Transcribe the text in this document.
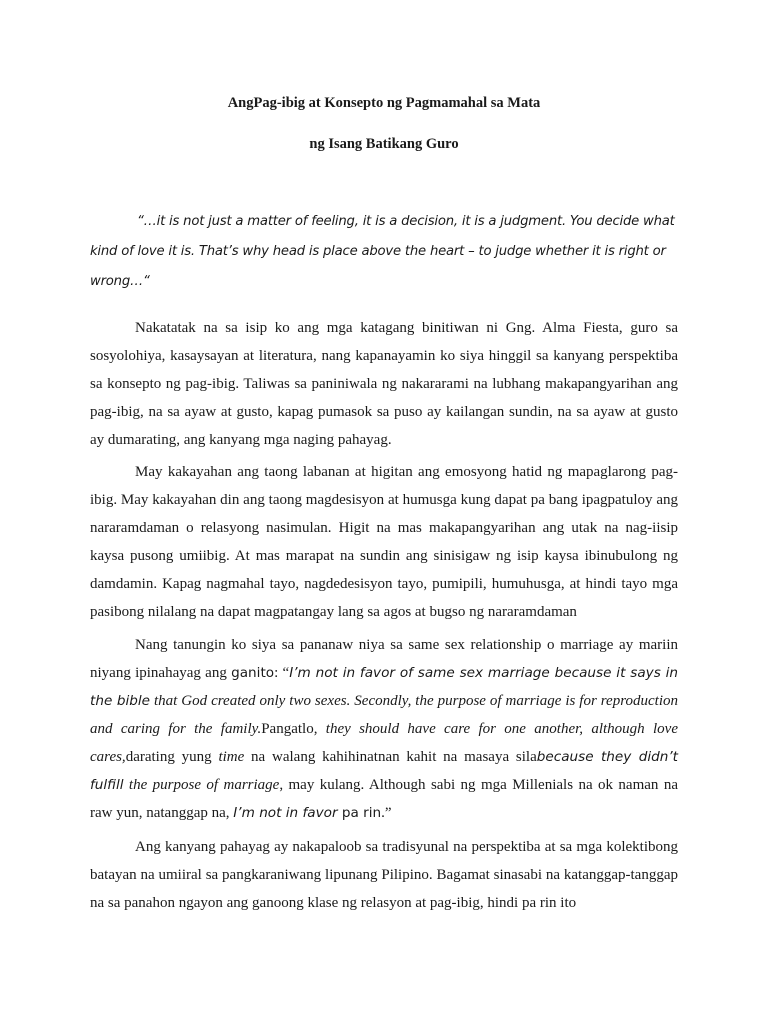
AngPag-ibig at Konsepto ng Pagmamahal sa Mata
ng Isang Batikang Guro

“…it is not just a matter of feeling, it is a decision, it is a judgment. You decide what kind of love it is. That’s why head is place above the heart – to judge whether it is right or wrong…“

Nakatatak na sa isip ko ang mga katagang binitiwan ni Gng. Alma Fiesta, guro sa sosyolohiya, kasaysayan at literatura, nang kapanayamin ko siya hinggil sa kanyang perspektiba sa konsepto ng pag-ibig. Taliwas sa paniniwala ng nakararami na lubhang makapangyarihan ang pag-ibig, na sa ayaw at gusto, kapag pumasok sa puso ay kailangan sundin, na sa ayaw at gusto ay dumarating, ang kanyang mga naging pahayag.

May kakayahan ang taong labanan at higitan ang emosyong hatid ng mapaglarong pag-ibig. May kakayahan din ang taong magdesisyon at humusga kung dapat pa bang ipagpatuloy ang nararamdaman o relasyong nasimulan. Higit na mas makapangyarihan ang utak na nag-iisip kaysa pusong umiibig. At mas marapat na sundin ang sinisigaw ng isip kaysa ibinubulong ng damdamin. Kapag nagmahal tayo, nagdedesisyon tayo, pumipili, humuhusga, at hindi tayo mga pasibong nilalang na dapat magpatangay lang sa agos at bugso ng nararamdaman

Nang tanungin ko siya sa pananaw niya sa same sex relationship o marriage ay mariin niyang ipinahayag ang ganito: “I’m not in favor of same sex marriage because it says in the bible that God created only two sexes. Secondly, the purpose of marriage is for reproduction and caring for the family.Pangatlo, they should have care for one another, although love cares,darating yung time na walang kahihinatnan kahit na masaya silabecause they didn’t fulfill the purpose of marriage, may kulang. Although sabi ng mga Millenials na ok naman na raw yun, natanggap na, I’m not in favor pa rin.”

Ang kanyang pahayag ay nakapaloob sa tradisyunal na perspektiba at sa mga kolektibong batayan na umiiral sa pangkaraniwang lipunang Pilipino. Bagamat sinasabi na katanggap-tanggap na sa panahon ngayon ang ganoong klase ng relasyon at pag-ibig, hindi pa rin ito
